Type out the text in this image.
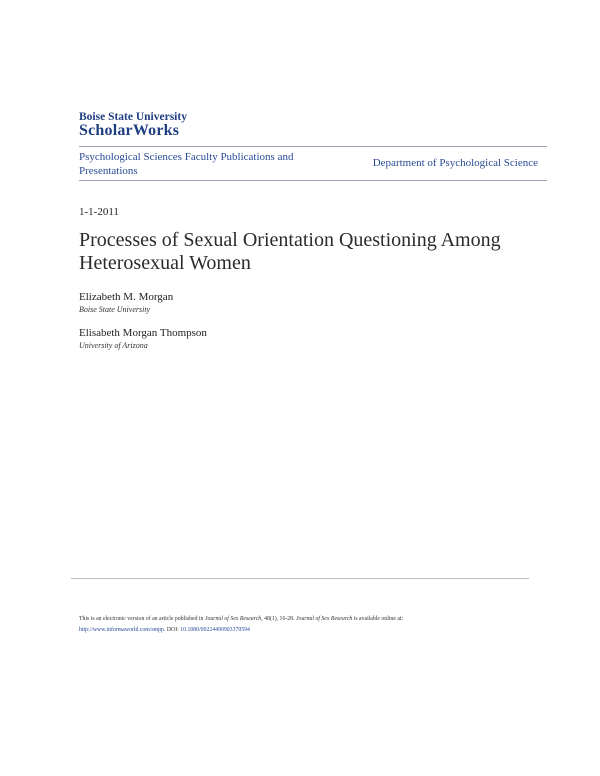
Boise State University
ScholarWorks
Psychological Sciences Faculty Publications and Presentations
Department of Psychological Science
1-1-2011
Processes of Sexual Orientation Questioning Among Heterosexual Women
Elizabeth M. Morgan
Boise State University
Elisabeth Morgan Thompson
University of Arizona
This is an electronic version of an article published in Journal of Sex Research, 48(1), 16-28. Journal of Sex Research is available online at:
http://www.informaworld.com/smpp. DOI: 10.1080/00224490903370594
